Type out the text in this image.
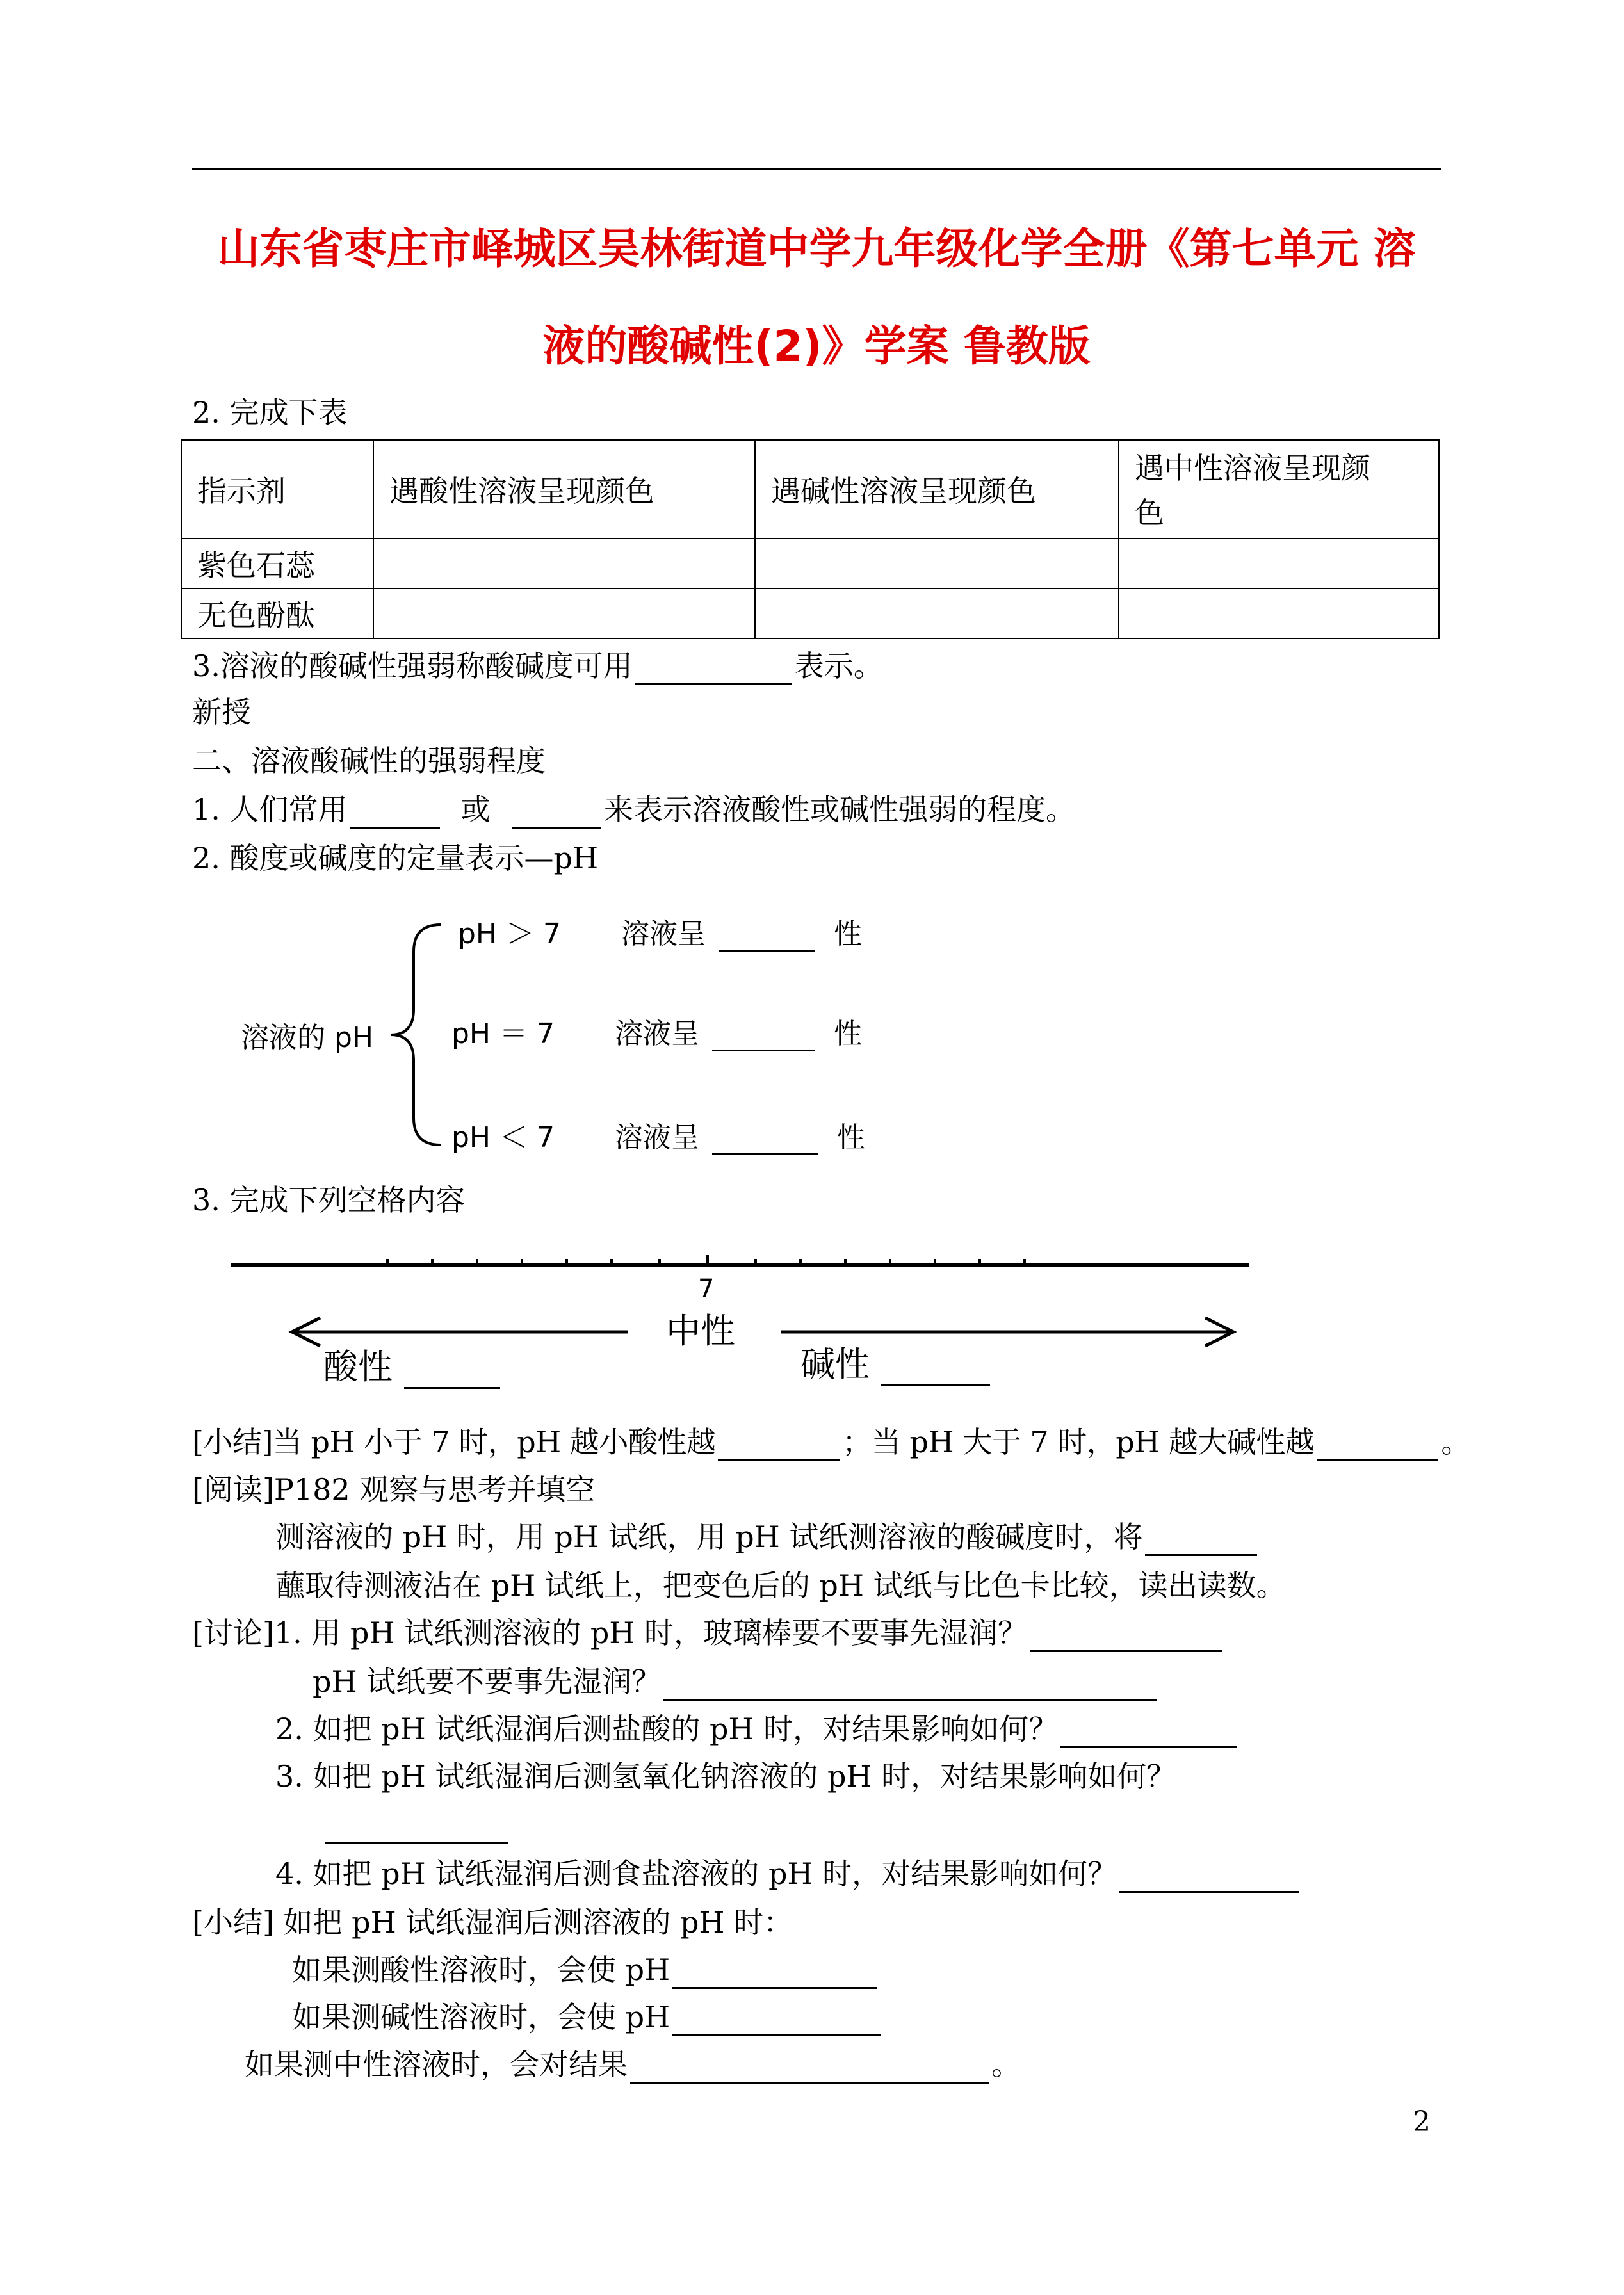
山东省枣庄市峄城区吴林街道中学九年级化学全册《第七单元 溶
液的酸碱性(2)》学案 鲁教版
2. 完成下表
指示剂	遇酸性溶液呈现颜色	遇碱性溶液呈现颜色	遇中性溶液呈现颜
色
紫色石蕊			
无色酚酞			
3.溶液的酸碱性强弱称酸碱度可用	表示。
新授
二、溶液酸碱性的强弱程度
1. 人们常用	或	来表示溶液酸性或碱性强弱的程度。
2. 酸度或碱度的定量表示—pH
溶液的 pH
pH ＞ 7 溶液呈	性
pH ＝ 7 溶液呈	性
pH ＜ 7 溶液呈	性
3. 完成下列空格内容
7
中性
酸性	碱性
[小结]当 pH 小于 7 时，pH 越小酸性越	；当 pH 大于 7 时，pH 越大碱性越	。
[阅读]P182 观察与思考并填空
测溶液的 pH 时，用 pH 试纸，用 pH 试纸测溶液的酸碱度时，将
蘸取待测液沾在 pH 试纸上，把变色后的 pH 试纸与比色卡比较，读出读数。
[讨论]1. 用 pH 试纸测溶液的 pH 时，玻璃棒要不要事先湿润？
pH 试纸要不要事先湿润？
2. 如把 pH 试纸湿润后测盐酸的 pH 时，对结果影响如何？
3. 如把 pH 试纸湿润后测氢氧化钠溶液的 pH 时，对结果影响如何？
4. 如把 pH 试纸湿润后测食盐溶液的 pH 时，对结果影响如何？
[小结] 如把 pH 试纸湿润后测溶液的 pH 时：
如果测酸性溶液时，会使 pH
如果测碱性溶液时，会使 pH
如果测中性溶液时，会对结果	。
2
